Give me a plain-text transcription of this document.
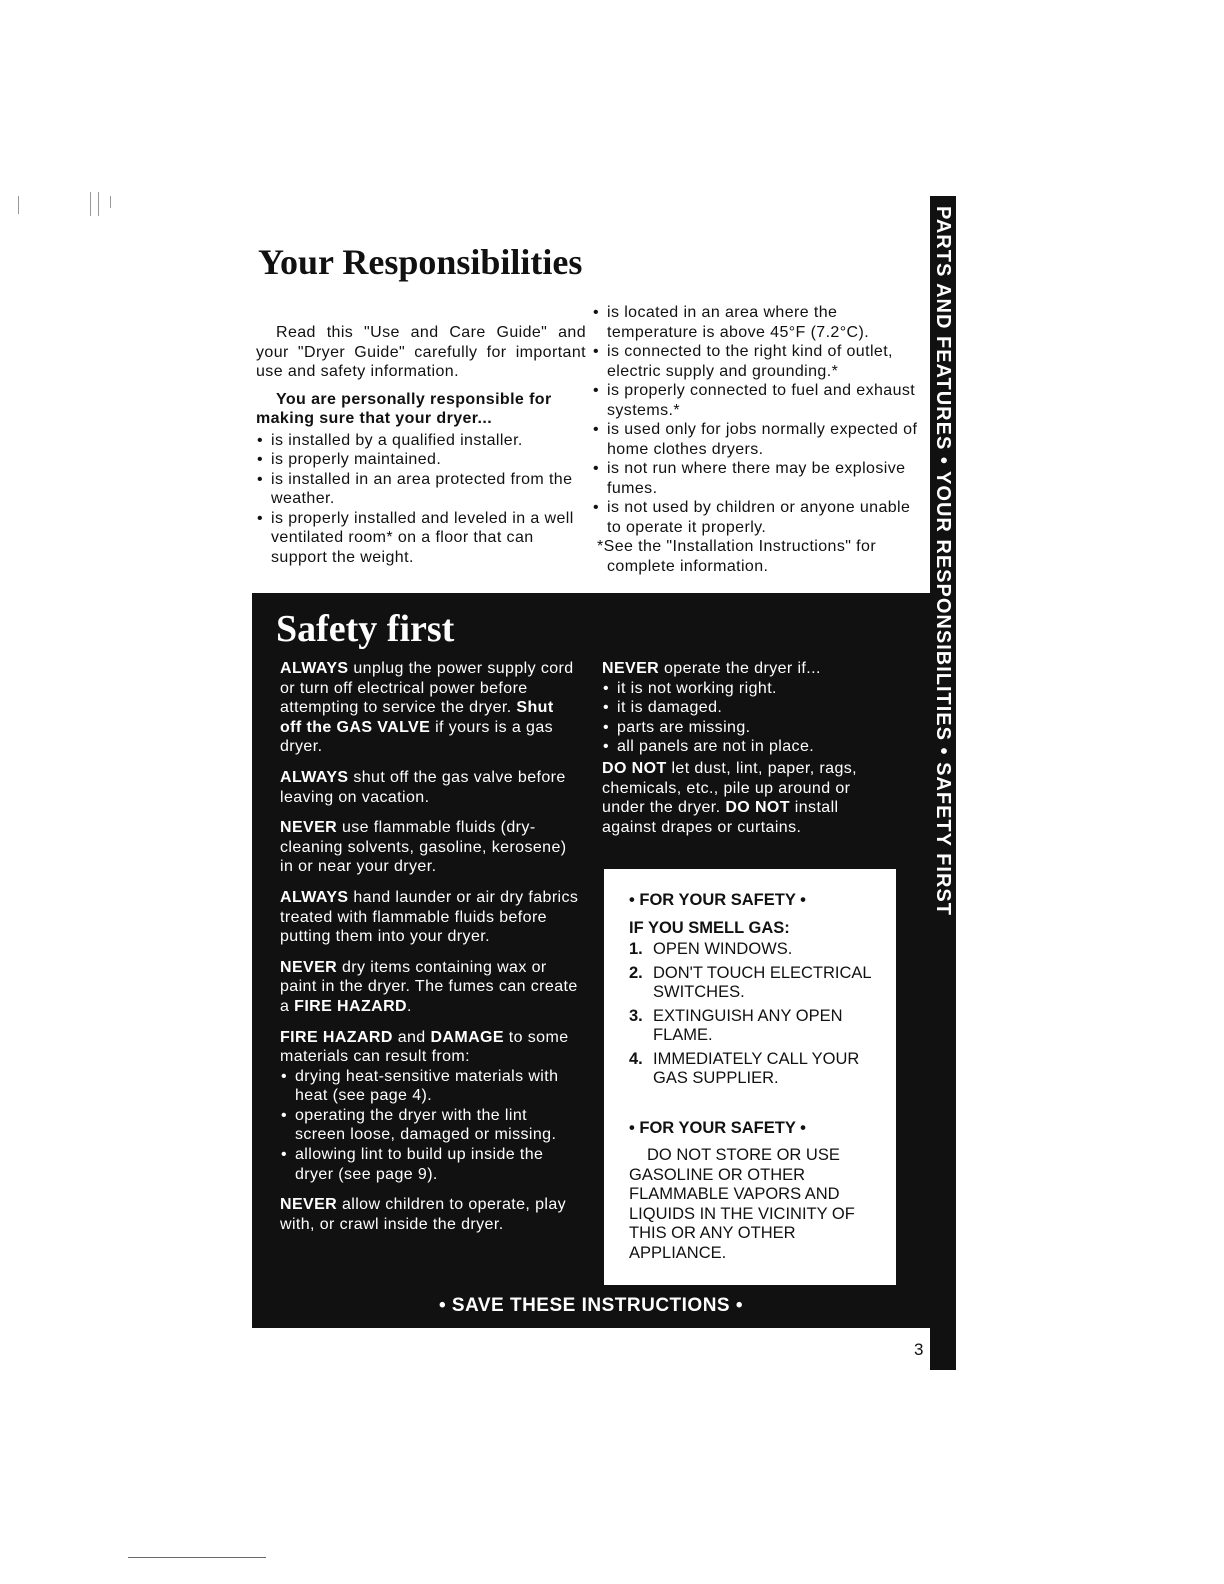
PARTS AND FEATURES • YOUR RESPONSIBILITIES • SAFETY FIRST
3
Your Responsibilities

Read this "Use and Care Guide" and your "Dryer Guide" carefully for important use and safety information.

You are personally responsible for making sure that your dryer...

• is installed by a qualified installer.
• is properly maintained.
• is installed in an area protected from the weather.
• is properly installed and leveled in a well ventilated room* on a floor that can support the weight.
• is located in an area where the temperature is above 45°F (7.2°C).
• is connected to the right kind of outlet, electric supply and grounding.*
• is properly connected to fuel and exhaust systems.*
• is used only for jobs normally expected of home clothes dryers.
• is not run where there may be explosive fumes.
• is not used by children or anyone unable to operate it properly.

*See the "Installation Instructions" for complete information.

Safety first

ALWAYS unplug the power supply cord or turn off electrical power before attempting to service the dryer. Shut off the GAS VALVE if yours is a gas dryer.

ALWAYS shut off the gas valve before leaving on vacation.

NEVER use flammable fluids (dry-cleaning solvents, gasoline, kerosene) in or near your dryer.

ALWAYS hand launder or air dry fabrics treated with flammable fluids before putting them into your dryer.

NEVER dry items containing wax or paint in the dryer. The fumes can create a FIRE HAZARD.

FIRE HAZARD and DAMAGE to some materials can result from:

• drying heat-sensitive materials with heat (see page 4).
• operating the dryer with the lint screen loose, damaged or missing.
• allowing lint to build up inside the dryer (see page 9).

NEVER allow children to operate, play with, or crawl inside the dryer.

NEVER operate the dryer if...

• it is not working right.
• it is damaged.
• parts are missing.
• all panels are not in place.

DO NOT let dust, lint, paper, rags, chemicals, etc., pile up around or under the dryer. DO NOT install against drapes or curtains.

• FOR YOUR SAFETY •
IF YOU SMELL GAS:
1. OPEN WINDOWS.
2. DON'T TOUCH ELECTRICAL SWITCHES.
3. EXTINGUISH ANY OPEN FLAME.
4. IMMEDIATELY CALL YOUR GAS SUPPLIER.
• FOR YOUR SAFETY •

DO NOT STORE OR USE GASOLINE OR OTHER FLAMMABLE VAPORS AND LIQUIDS IN THE VICINITY OF THIS OR ANY OTHER APPLIANCE.

• SAVE THESE INSTRUCTIONS •
